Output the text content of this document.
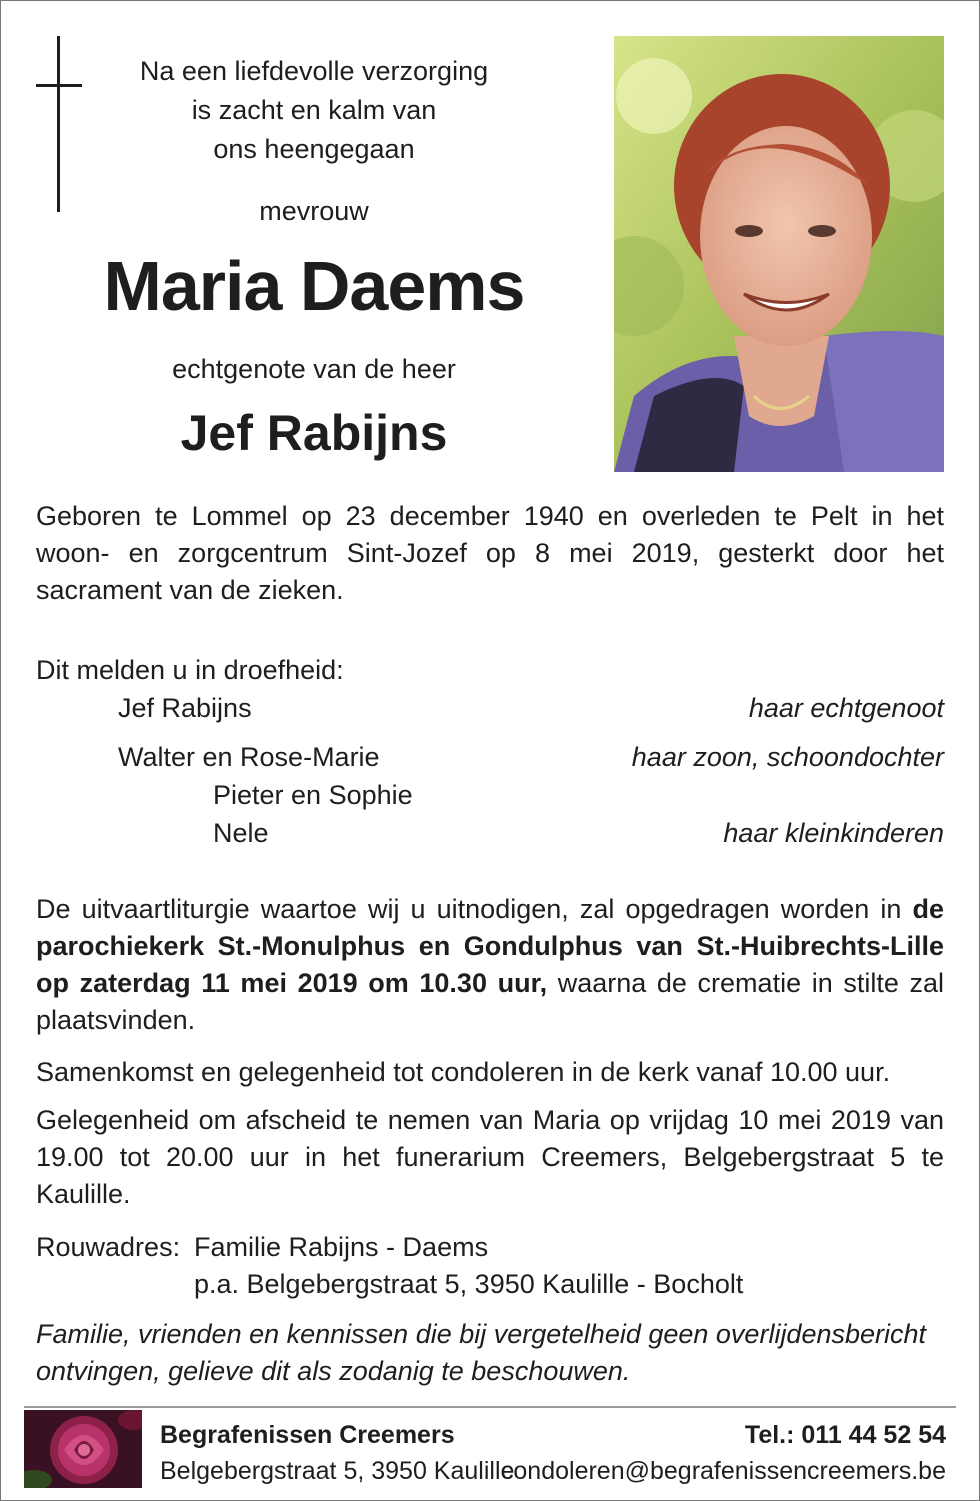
Na een liefdevolle verzorging
is zacht en kalm van
ons heengegaan
mevrouw
Maria Daems
echtgenote van de heer
Jef Rabijns
Geboren te Lommel op 23 december 1940 en overleden te Pelt in het woon- en zorgcentrum Sint-Jozef op 8 mei 2019, gesterkt door het sacrament van de zieken.
Dit melden u in droefheid:
Jef Rabijns	haar echtgenoot
Walter en Rose-Marie	haar zoon, schoondochter
Pieter en Sophie
Nele	haar kleinkinderen
De uitvaartliturgie waartoe wij u uitnodigen, zal opgedragen worden in de parochiekerk St.-Monulphus en Gondulphus van St.-Huibrechts-Lille op zaterdag 11 mei 2019 om 10.30 uur, waarna de crematie in stilte zal plaatsvinden.
Samenkomst en gelegenheid tot condoleren in de kerk vanaf 10.00 uur.
Gelegenheid om afscheid te nemen van Maria op vrijdag 10 mei 2019 van 19.00 tot 20.00 uur in het funerarium Creemers, Belgebergstraat 5 te Kaulille.
Rouwadres: Familie Rabijns - Daems
p.a. Belgebergstraat 5, 3950 Kaulille - Bocholt
Familie, vrienden en kennissen die bij vergetelheid geen overlijdensbericht ontvingen, gelieve dit als zodanig te beschouwen.
Begrafenissen Creemers
Belgebergstraat 5, 3950 Kaulille
Tel.: 011 44 52 54
condoleren@begrafenissencreemers.be
